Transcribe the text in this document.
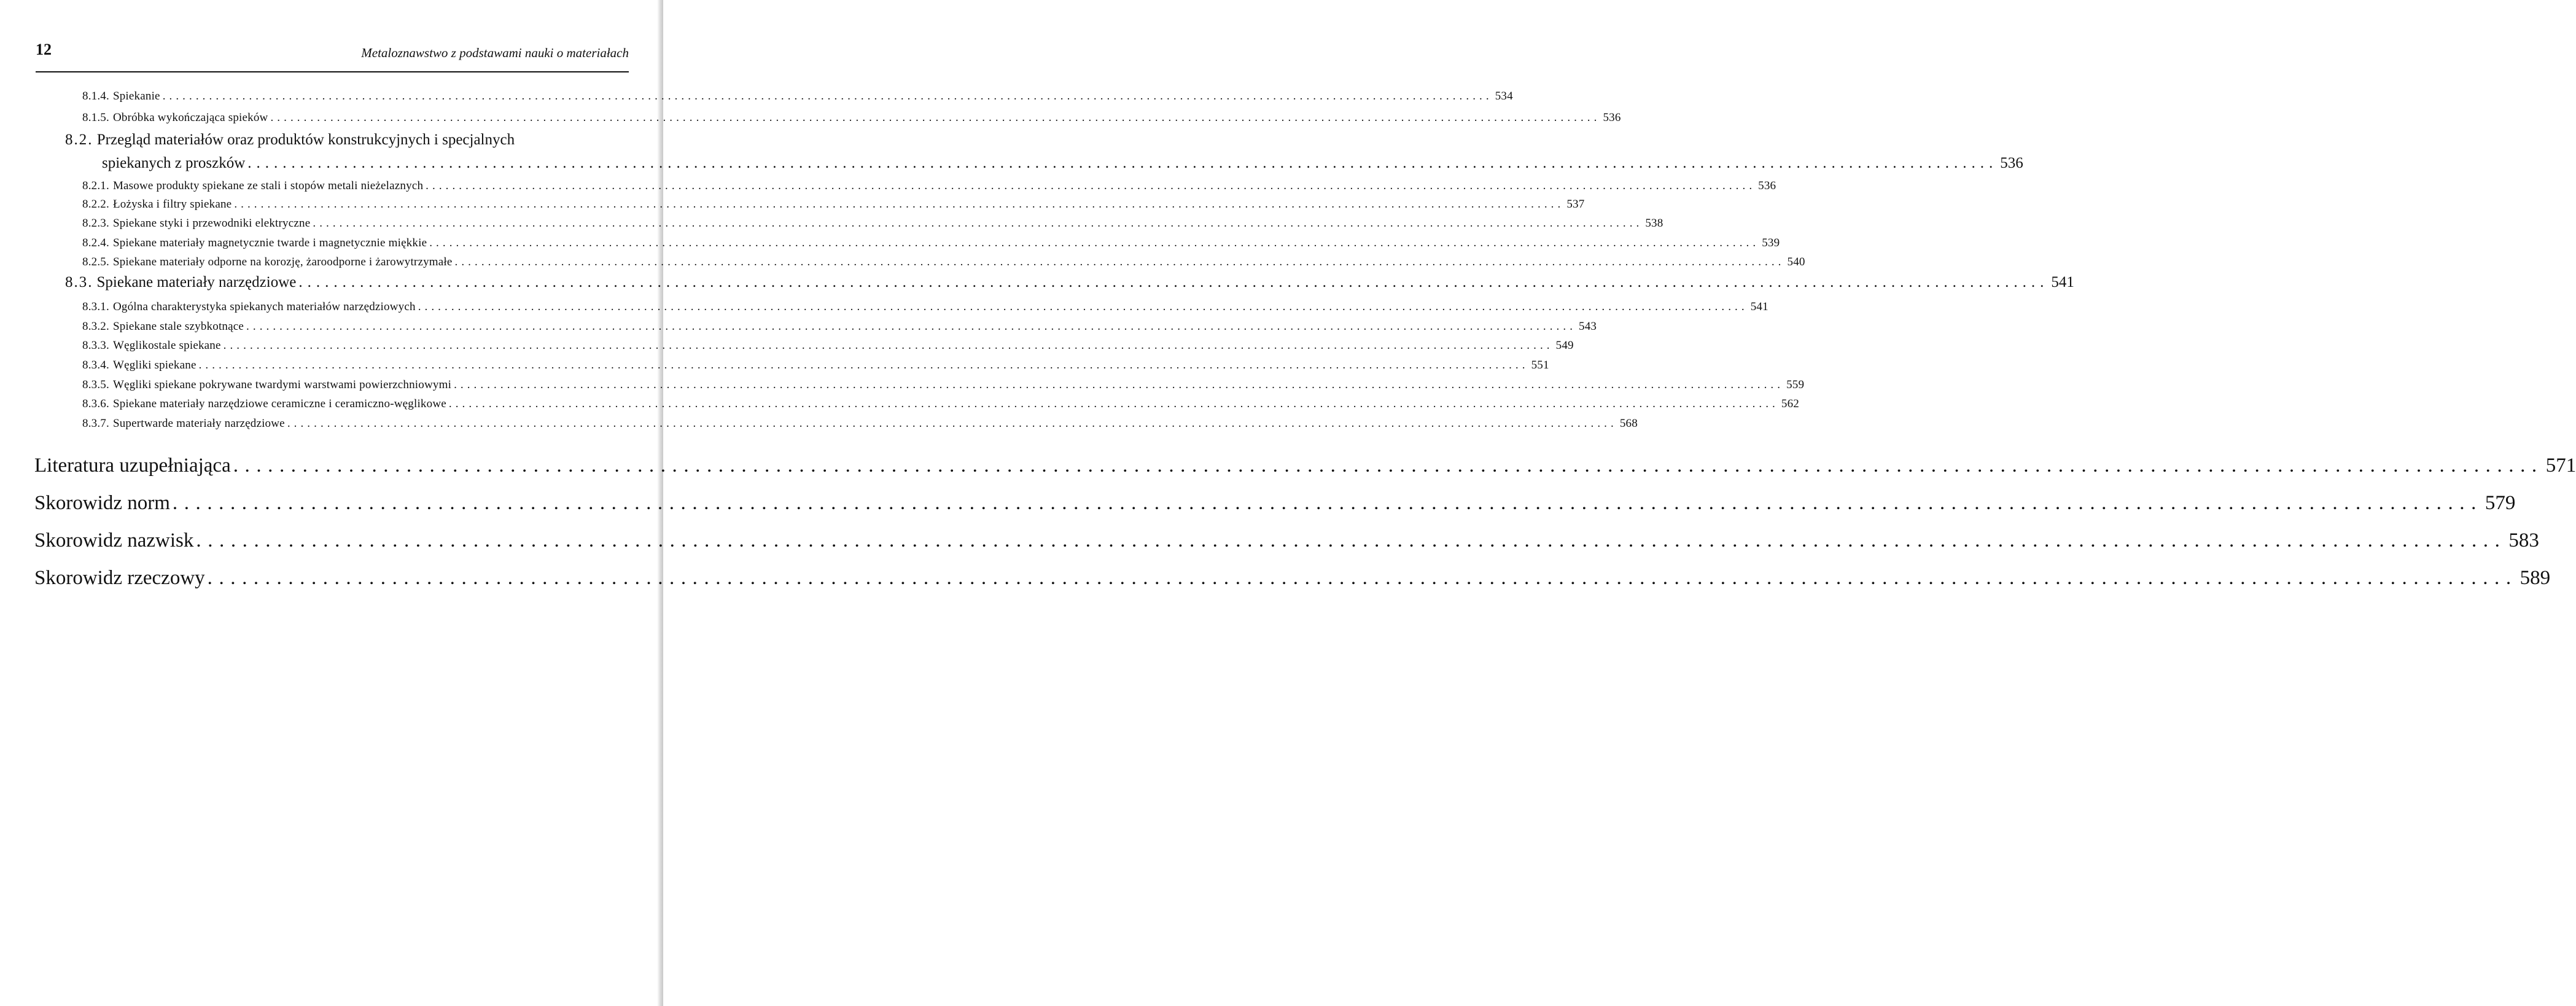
12	Metaloznawstwo z podstawami nauki o materiałach
8.1.4. Spiekanie ........................................................................................................................................................................................................ 534
8.1.5. Obróbka wykończająca spieków ........................................................................................................................................................................................................ 536
8.2. Przegląd materiałów oraz produktów konstrukcyjnych i specjalnych
spiekanych z proszków ........................................................................................................................................................................................................ 536
8.2.1. Masowe produkty spiekane ze stali i stopów metali nieżelaznych ........................................................................................................................................................................................................ 536
8.2.2. Łożyska i filtry spiekane ........................................................................................................................................................................................................ 537
8.2.3. Spiekane styki i przewodniki elektryczne ........................................................................................................................................................................................................ 538
8.2.4. Spiekane materiały magnetycznie twarde i magnetycznie miękkie ........................................................................................................................................................................................................ 539
8.2.5. Spiekane materiały odporne na korozję, żaroodporne i żarowytrzymałe ........................................................................................................................................................................................................ 540
8.3. Spiekane materiały narzędziowe ........................................................................................................................................................................................................ 541
8.3.1. Ogólna charakterystyka spiekanych materiałów narzędziowych ........................................................................................................................................................................................................ 541
8.3.2. Spiekane stale szybkotnące ........................................................................................................................................................................................................ 543
8.3.3. Węglikostale spiekane ........................................................................................................................................................................................................ 549
8.3.4. Węgliki spiekane ........................................................................................................................................................................................................ 551
8.3.5. Węgliki spiekane pokrywane twardymi warstwami powierzchniowymi ........................................................................................................................................................................................................ 559
8.3.6. Spiekane materiały narzędziowe ceramiczne i ceramiczno-węglikowe ........................................................................................................................................................................................................ 562
8.3.7. Supertwarde materiały narzędziowe ........................................................................................................................................................................................................ 568
Literatura uzupełniająca ........................................................................................................................................................................................................ 571
Skorowidz norm ........................................................................................................................................................................................................ 579
Skorowidz nazwisk ........................................................................................................................................................................................................ 583
Skorowidz rzeczowy ........................................................................................................................................................................................................ 589
